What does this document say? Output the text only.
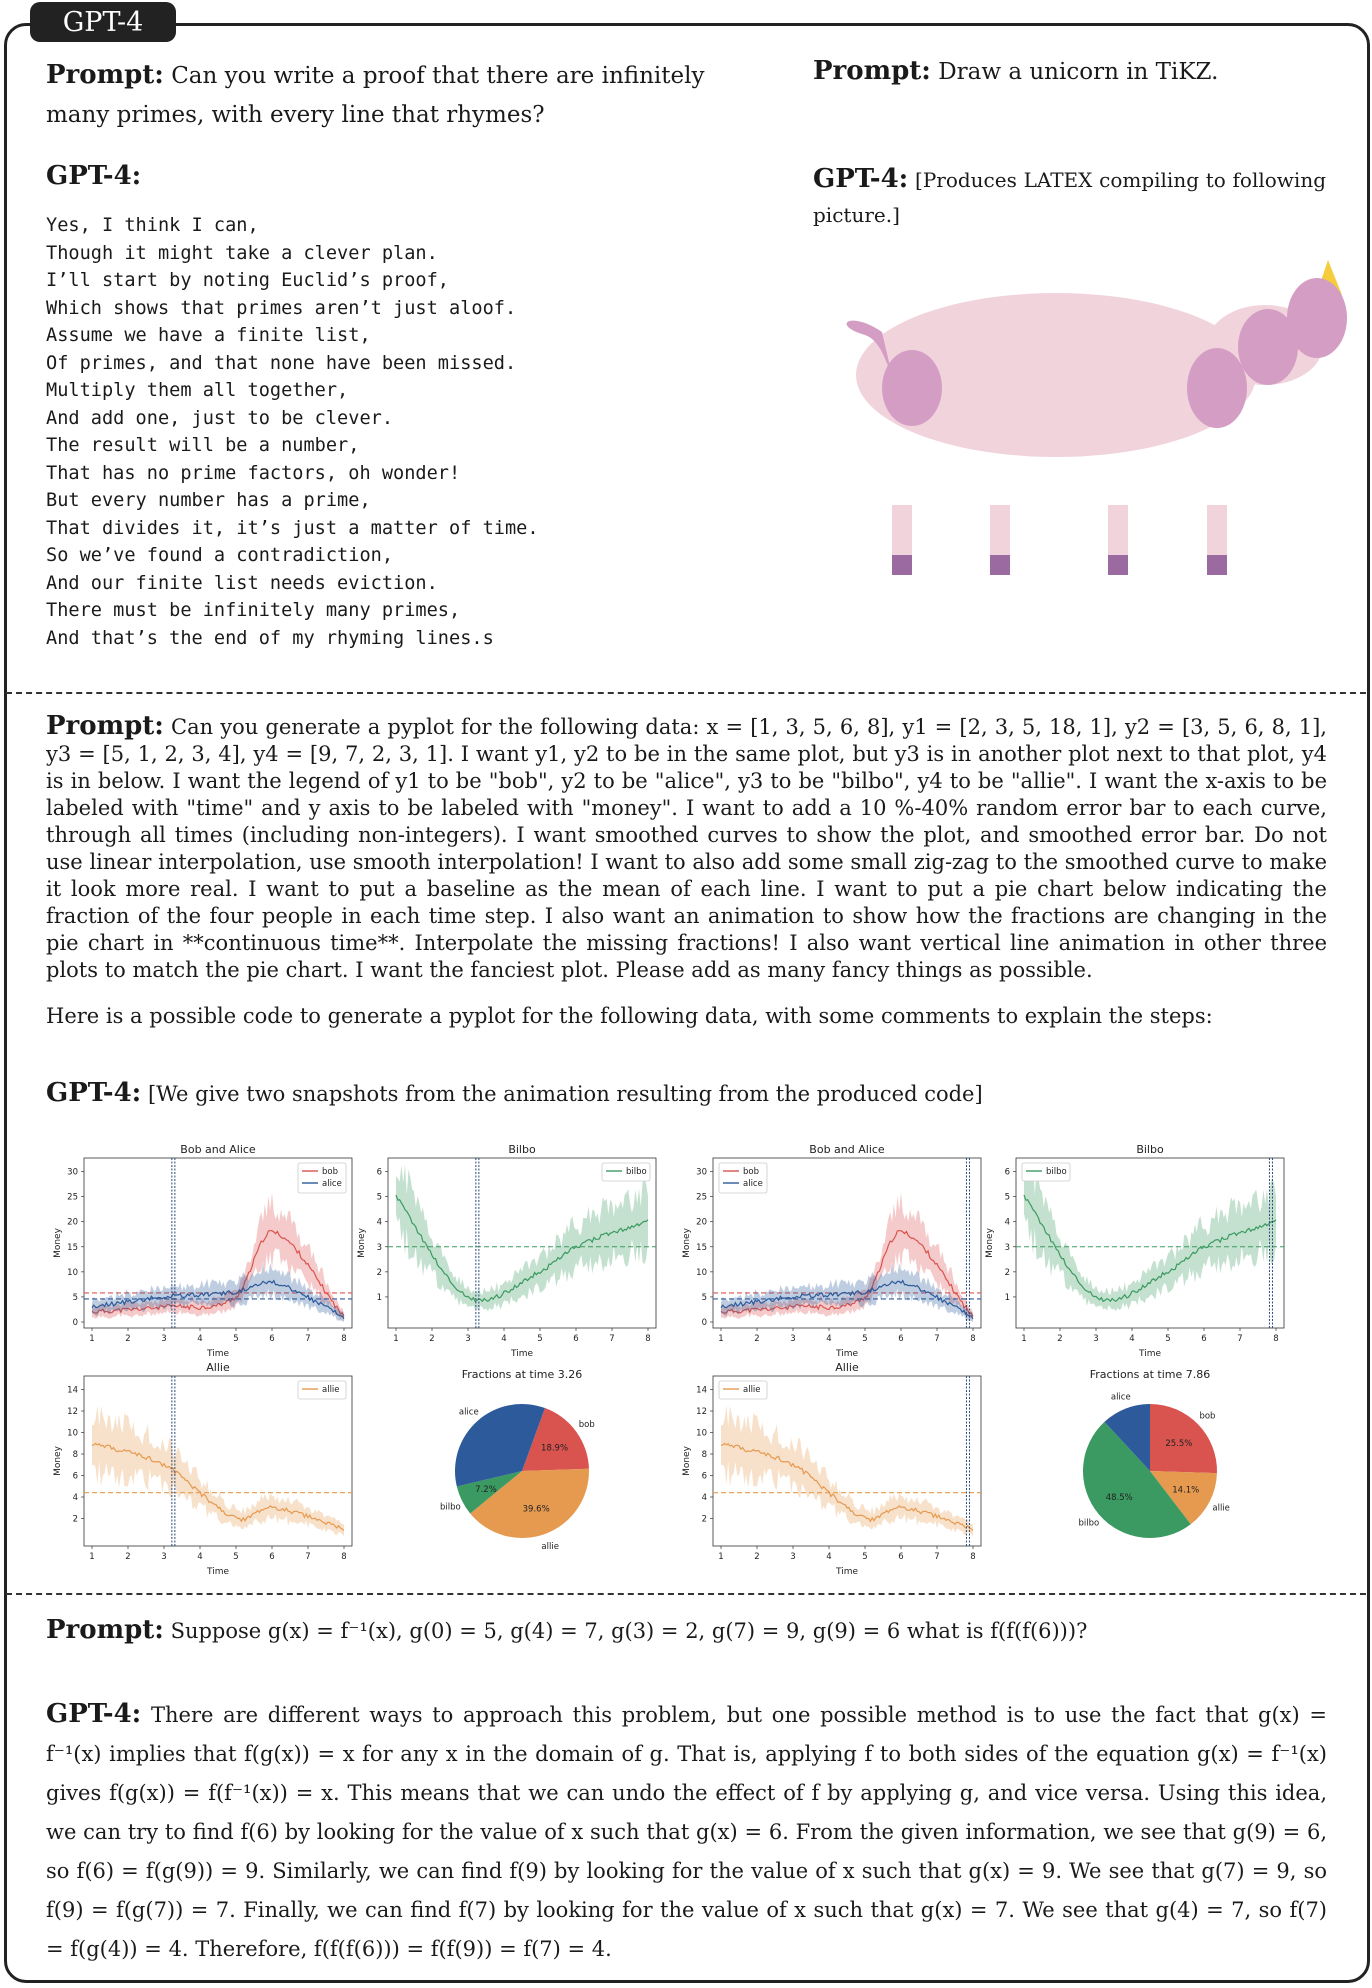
GPT-4
Prompt: Can you write a proof that there are infinitely many primes, with every line that rhymes?
GPT-4:
Yes, I think I can,
Though it might take a clever plan.
I’ll start by noting Euclid’s proof,
Which shows that primes aren’t just aloof.
Assume we have a finite list,
Of primes, and that none have been missed.
Multiply them all together,
And add one, just to be clever.
The result will be a number,
That has no prime factors, oh wonder!
But every number has a prime,
That divides it, it’s just a matter of time.
So we’ve found a contradiction,
And our finite list needs eviction.
There must be infinitely many primes,
And that’s the end of my rhyming lines.s
Prompt: Draw a unicorn in TiKZ.
GPT-4: [Produces LATEX compiling to following picture.]
Prompt: Can you generate a pyplot for the following data: x = [1, 3, 5, 6, 8], y1 = [2, 3, 5, 18, 1], y2 = [3, 5, 6, 8, 1], y3 = [5, 1, 2, 3, 4], y4 = [9, 7, 2, 3, 1]. I want y1, y2 to be in the same plot, but y3 is in another plot next to that plot, y4 is in below. I want the legend of y1 to be "bob", y2 to be "alice", y3 to be "bilbo", y4 to be "allie". I want the x-axis to be labeled with "time" and y axis to be labeled with "money". I want to add a 10 %-40% random error bar to each curve, through all times (including non-integers). I want smoothed curves to show the plot, and smoothed error bar. Do not use linear interpolation, use smooth interpolation! I want to also add some small zig-zag to the smoothed curve to make it look more real. I want to put a baseline as the mean of each line. I want to put a pie chart below indicating the fraction of the four people in each time step. I also want an animation to show how the fractions are changing in the pie chart in **continuous time**. Interpolate the missing fractions! I also want vertical line animation in other three plots to match the pie chart. I want the fanciest plot. Please add as many fancy things as possible.
Here is a possible code to generate a pyplot for the following data, with some comments to explain the steps:
GPT-4: [We give two snapshots from the animation resulting from the produced code]
Bob and Alice
Time
Money
1	2	3	4	5	6	7	8
0
5
10
15
20
25
30	bob
alice
Bilbo
Time
Money
1	2	3	4	5	6	7	8
1
2
3
4
5
6	bilbo
Allie
Time
Money
1	2	3	4	5	6	7	8
2
4
6
8
10
12
14	allie
Fractions at time 3.26
bob
18.9%
allie
39.6%
bilbo
7.2%
alice
Bob and Alice
Time
Money
1	2	3	4	5	6	7	8
0
5
10
15
20
25
30	bob
alice
Bilbo
Time
Money
1	2	3	4	5	6	7	8
1
2
3
4
5
6	bilbo
Allie
Time
Money
1	2	3	4	5	6	7	8
2
4
6
8
10
12
14	allie
Fractions at time 7.86
bob
25.5%
allie
14.1%
bilbo
48.5%
alice
Prompt: Suppose g(x) = f⁻¹(x), g(0) = 5, g(4) = 7, g(3) = 2, g(7) = 9, g(9) = 6 what is f(f(f(6)))?
GPT-4: There are different ways to approach this problem, but one possible method is to use the fact that g(x) = f⁻¹(x) implies that f(g(x)) = x for any x in the domain of g. That is, applying f to both sides of the equation g(x) = f⁻¹(x) gives f(g(x)) = f(f⁻¹(x)) = x. This means that we can undo the effect of f by applying g, and vice versa. Using this idea, we can try to find f(6) by looking for the value of x such that g(x) = 6. From the given information, we see that g(9) = 6, so f(6) = f(g(9)) = 9. Similarly, we can find f(9) by looking for the value of x such that g(x) = 9. We see that g(7) = 9, so f(9) = f(g(7)) = 7. Finally, we can find f(7) by looking for the value of x such that g(x) = 7. We see that g(4) = 7, so f(7) = f(g(4)) = 4. Therefore, f(f(f(6))) = f(f(9)) = f(7) = 4.
